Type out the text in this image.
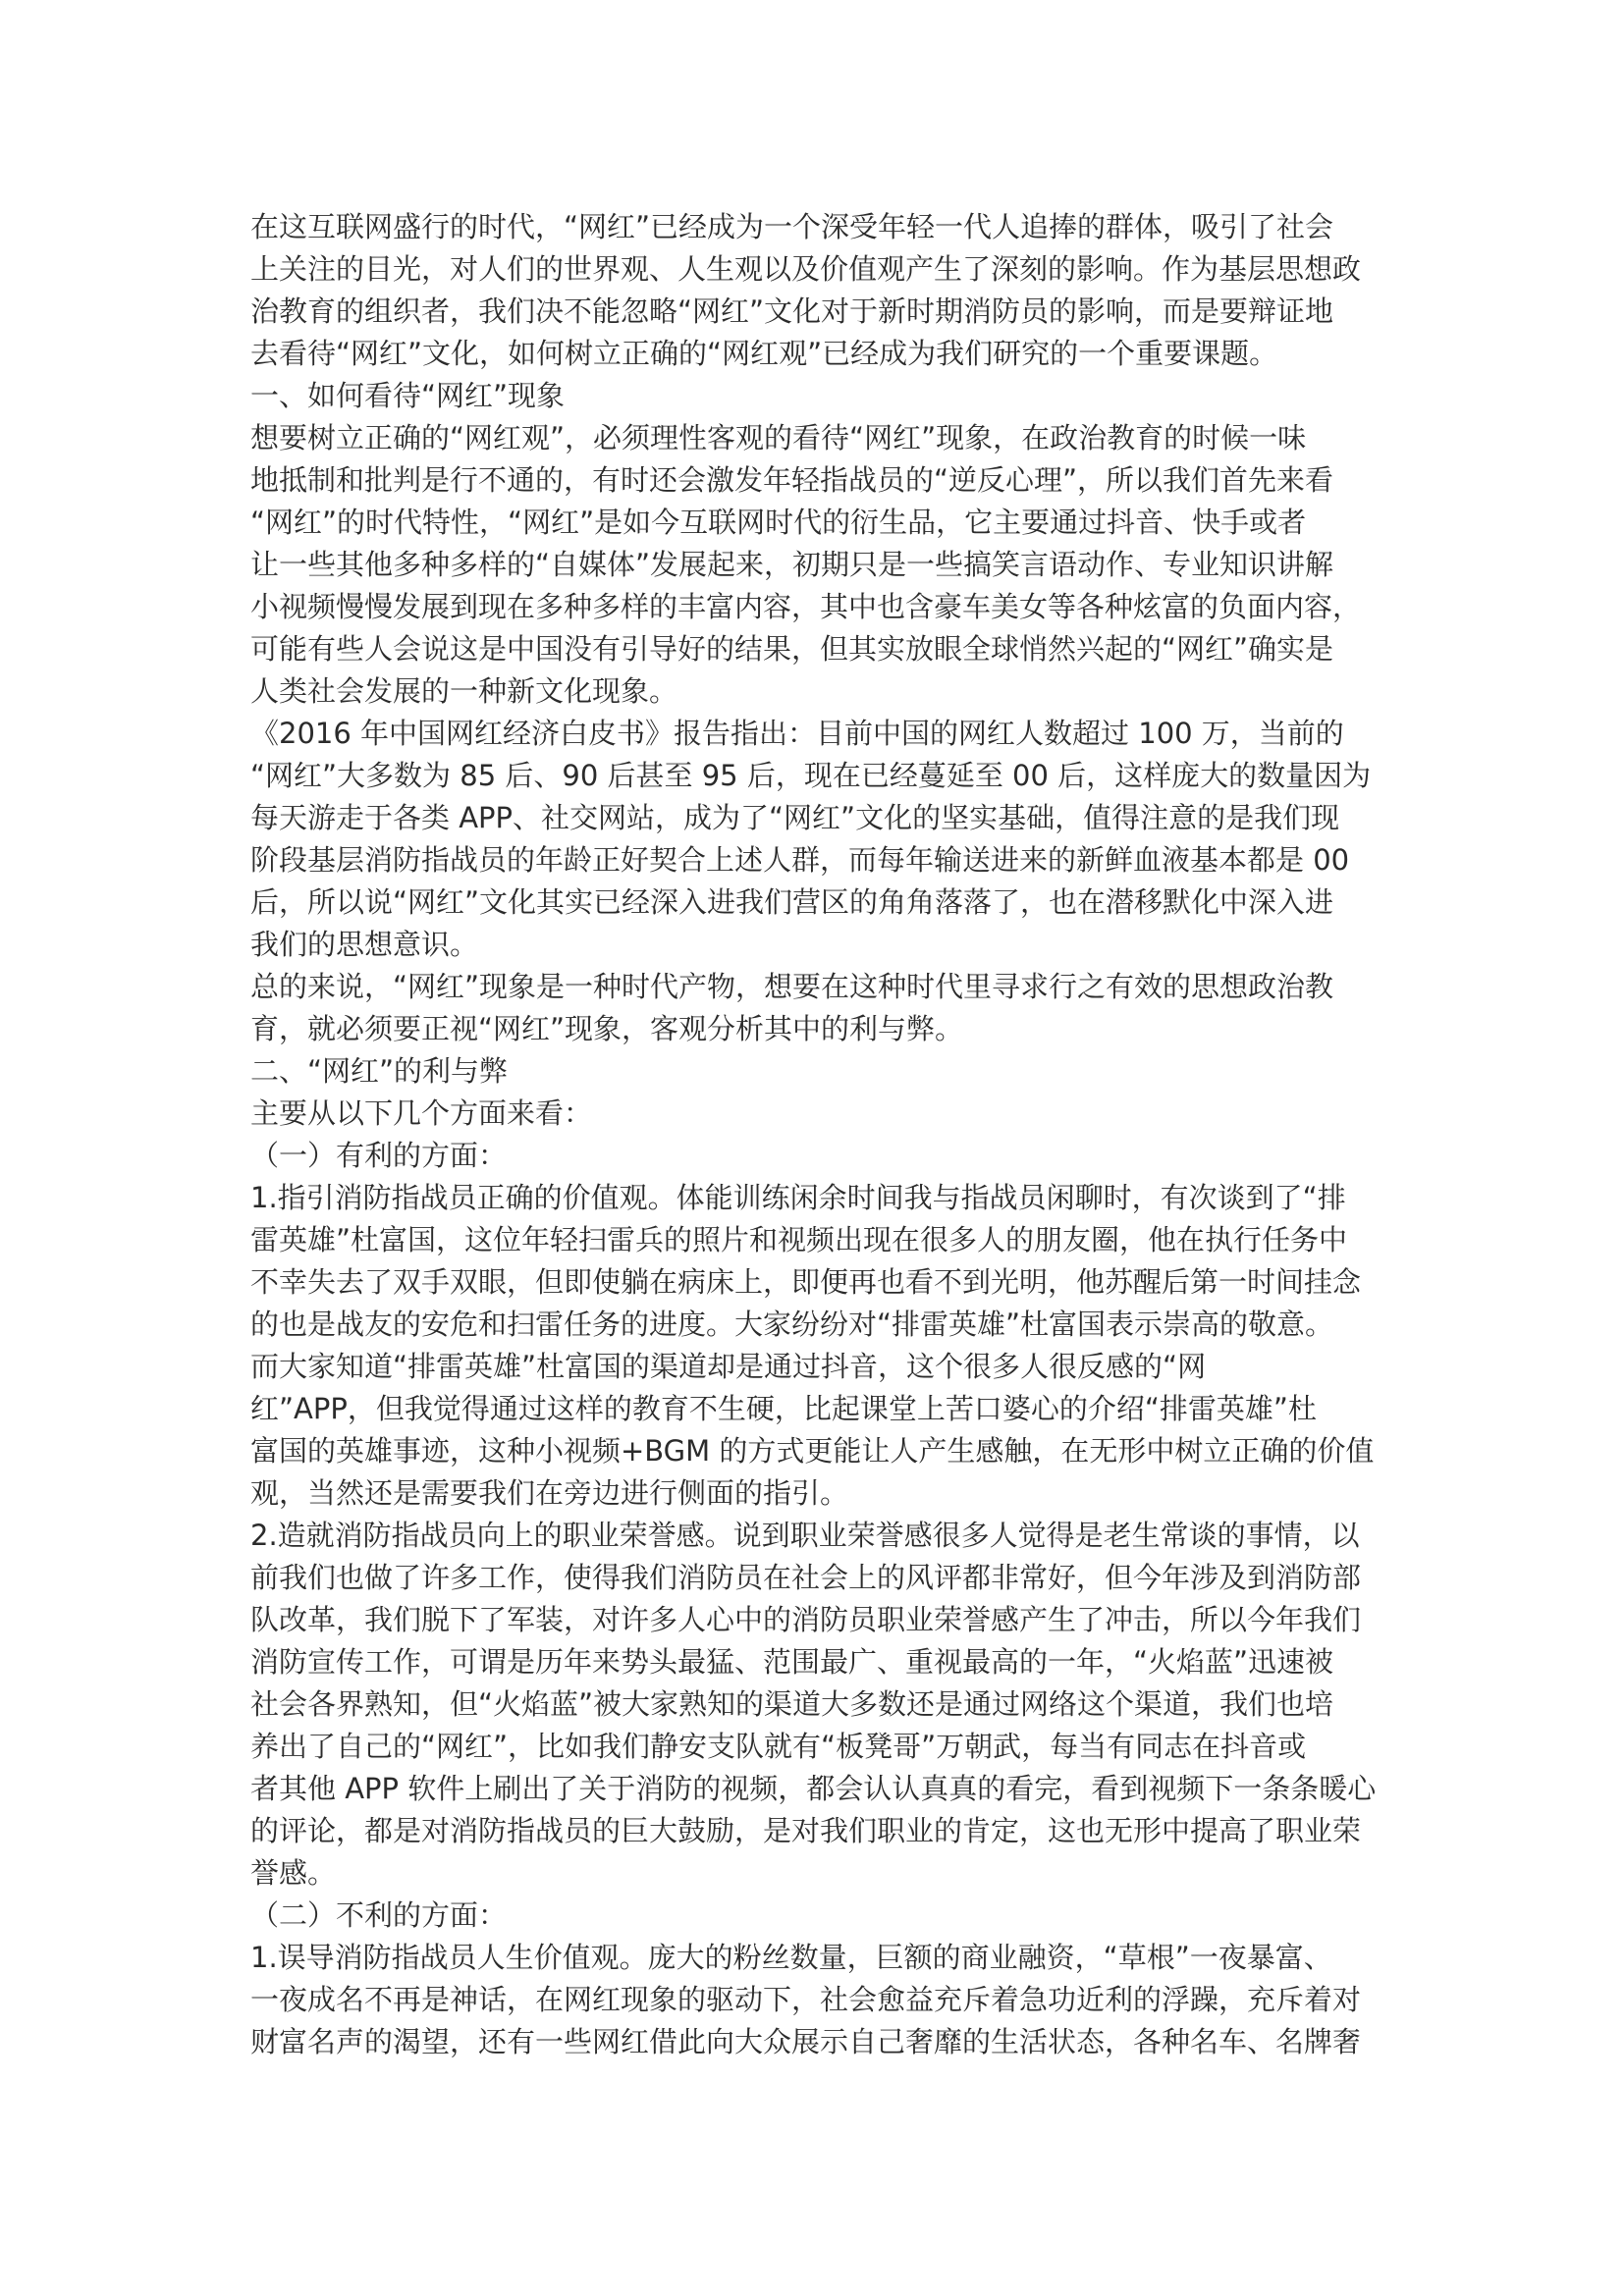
在这互联网盛行的时代，“网红”已经成为一个深受年轻一代人追捧的群体，吸引了社会
上关注的目光，对人们的世界观、人生观以及价值观产生了深刻的影响。作为基层思想政
治教育的组织者，我们决不能忽略“网红”文化对于新时期消防员的影响，而是要辩证地
去看待“网红”文化，如何树立正确的“网红观”已经成为我们研究的一个重要课题。
一、如何看待“网红”现象
想要树立正确的“网红观”，必须理性客观的看待“网红”现象，在政治教育的时候一味
地抵制和批判是行不通的，有时还会激发年轻指战员的“逆反心理”，所以我们首先来看
“网红”的时代特性，“网红”是如今互联网时代的衍生品，它主要通过抖音、快手或者
让一些其他多种多样的“自媒体”发展起来，初期只是一些搞笑言语动作、专业知识讲解
小视频慢慢发展到现在多种多样的丰富内容，其中也含豪车美女等各种炫富的负面内容，
可能有些人会说这是中国没有引导好的结果，但其实放眼全球悄然兴起的“网红”确实是
人类社会发展的一种新文化现象。
《2016 年中国网红经济白皮书》报告指出：目前中国的网红人数超过 100 万，当前的
“网红”大多数为 85 后、90 后甚至 95 后，现在已经蔓延至 00 后，这样庞大的数量因为
每天游走于各类 APP、社交网站，成为了“网红”文化的坚实基础，值得注意的是我们现
阶段基层消防指战员的年龄正好契合上述人群，而每年输送进来的新鲜血液基本都是 00
后，所以说“网红”文化其实已经深入进我们营区的角角落落了，也在潜移默化中深入进
我们的思想意识。
总的来说，“网红”现象是一种时代产物，想要在这种时代里寻求行之有效的思想政治教
育，就必须要正视“网红”现象，客观分析其中的利与弊。
二、“网红”的利与弊
主要从以下几个方面来看：
（一）有利的方面：
1.指引消防指战员正确的价值观。体能训练闲余时间我与指战员闲聊时，有次谈到了“排
雷英雄”杜富国，这位年轻扫雷兵的照片和视频出现在很多人的朋友圈，他在执行任务中
不幸失去了双手双眼，但即使躺在病床上，即便再也看不到光明，他苏醒后第一时间挂念
的也是战友的安危和扫雷任务的进度。大家纷纷对“排雷英雄”杜富国表示崇高的敬意。
而大家知道“排雷英雄”杜富国的渠道却是通过抖音，这个很多人很反感的“网
红”APP，但我觉得通过这样的教育不生硬，比起课堂上苦口婆心的介绍“排雷英雄”杜
富国的英雄事迹，这种小视频+BGM 的方式更能让人产生感触，在无形中树立正确的价值
观，当然还是需要我们在旁边进行侧面的指引。
2.造就消防指战员向上的职业荣誉感。说到职业荣誉感很多人觉得是老生常谈的事情，以
前我们也做了许多工作，使得我们消防员在社会上的风评都非常好，但今年涉及到消防部
队改革，我们脱下了军装，对许多人心中的消防员职业荣誉感产生了冲击，所以今年我们
消防宣传工作，可谓是历年来势头最猛、范围最广、重视最高的一年，“火焰蓝”迅速被
社会各界熟知，但“火焰蓝”被大家熟知的渠道大多数还是通过网络这个渠道，我们也培
养出了自己的“网红”，比如我们静安支队就有“板凳哥”万朝武，每当有同志在抖音或
者其他 APP 软件上刷出了关于消防的视频，都会认认真真的看完，看到视频下一条条暖心
的评论，都是对消防指战员的巨大鼓励，是对我们职业的肯定，这也无形中提高了职业荣
誉感。
（二）不利的方面：
1.误导消防指战员人生价值观。庞大的粉丝数量，巨额的商业融资，“草根”一夜暴富、
一夜成名不再是神话，在网红现象的驱动下，社会愈益充斥着急功近利的浮躁，充斥着对
财富名声的渴望，还有一些网红借此向大众展示自己奢靡的生活状态，各种名车、名牌奢
